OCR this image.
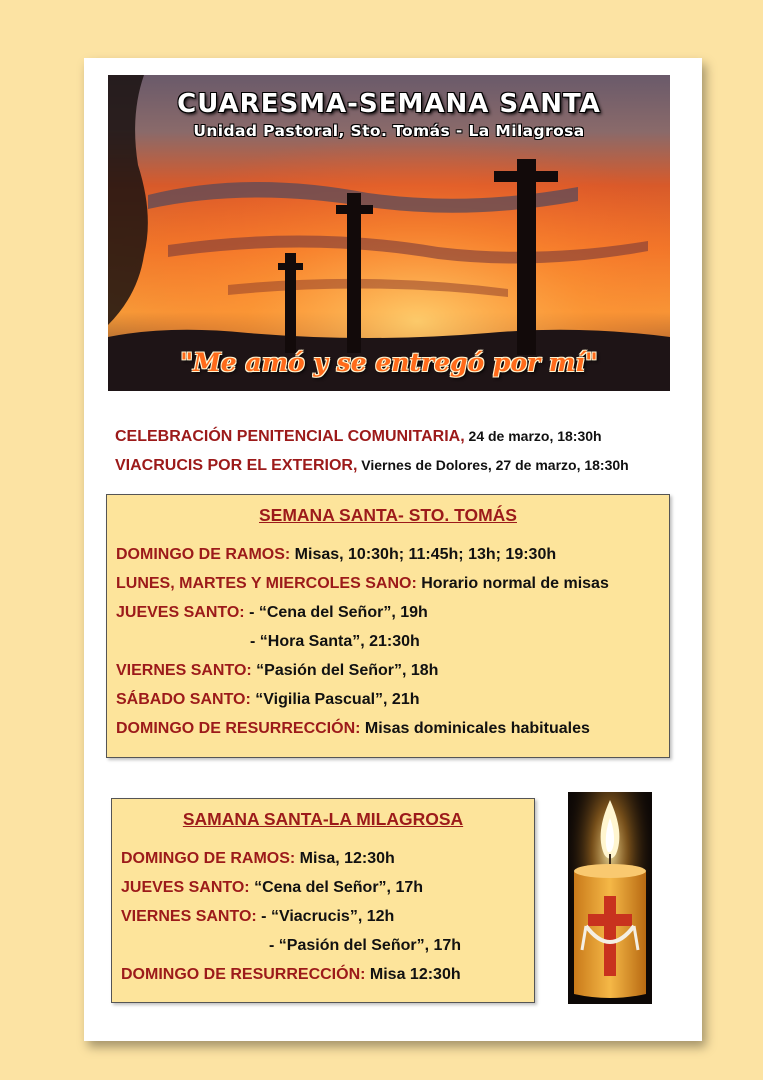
CUARESMA-SEMANA SANTA
Unidad Pastoral, Sto. Tomás - La Milagrosa
"Me amó y se entregó por mí"
CELEBRACIÓN PENITENCIAL COMUNITARIA, 24 de marzo, 18:30h
VIACRUCIS POR EL EXTERIOR, Viernes de Dolores, 27 de marzo, 18:30h
SEMANA SANTA- STO. TOMÁS
DOMINGO DE RAMOS: Misas, 10:30h; 11:45h; 13h; 19:30h
LUNES, MARTES Y MIERCOLES SANO: Horario normal de misas
JUEVES SANTO: - “Cena del Señor”, 19h
- “Hora Santa”, 21:30h
VIERNES SANTO: “Pasión del Señor”, 18h
SÁBADO SANTO: “Vigilia Pascual”, 21h
DOMINGO DE RESURRECCIÓN: Misas dominicales habituales
SAMANA SANTA-LA MILAGROSA
DOMINGO DE RAMOS: Misa, 12:30h
JUEVES SANTO: “Cena del Señor”, 17h
VIERNES SANTO: - “Viacrucis”, 12h
- “Pasión del Señor”, 17h
DOMINGO DE RESURRECCIÓN: Misa 12:30h
